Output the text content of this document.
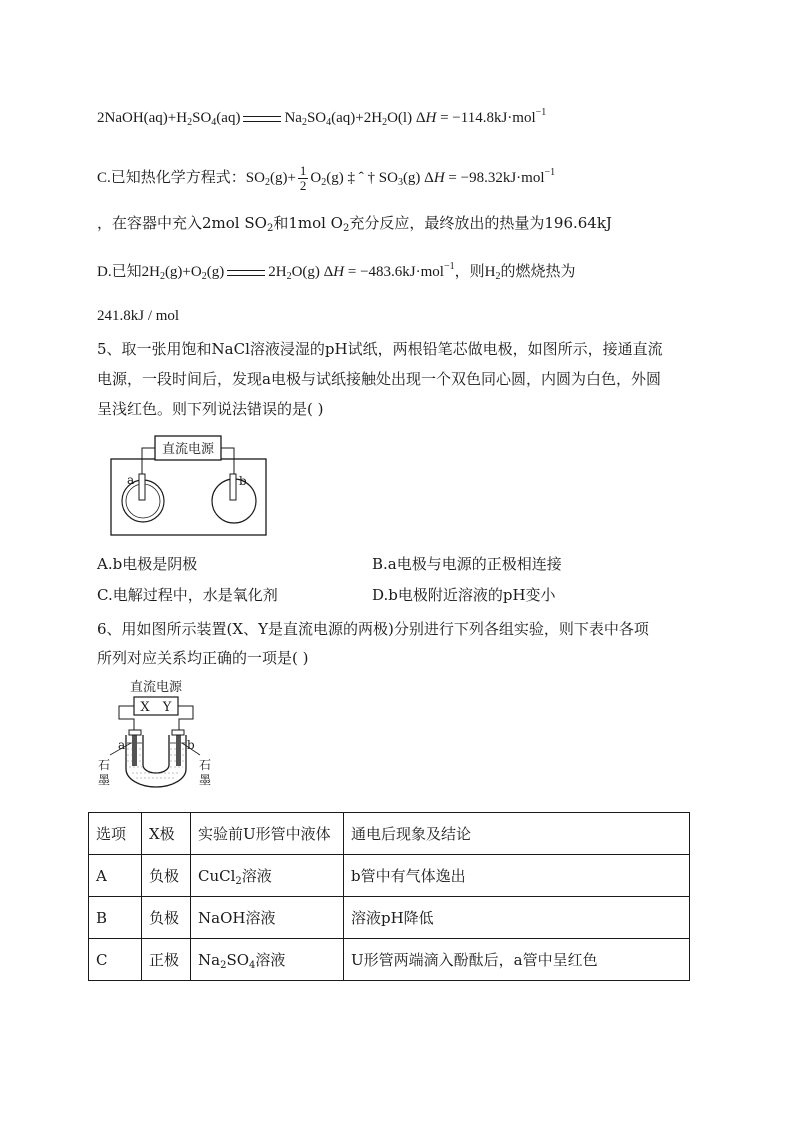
$2NaOH(aq)+H_2SO_4(aq)$	$Na_2SO_4(aq)+2H_2O(l) \Delta H = -114.8kJ\cdot mol^{-1}$
C.已知热化学方程式：$SO_2(g)+ \frac{1}{2} O_2(g)$ ‡ ˆ † $SO_3(g) \Delta H = -98.32kJ\cdot mol^{-1}$
，在容器中充入2mol $SO_2$和1mol $O_2$充分反应，最终放出的热量为196.64kJ
D.已知$2H_2(g)+O_2(g)$	$2H_2O(g) \Delta H = -483.6kJ\cdot mol^{-1}$，则$H_2$的燃烧热为
241.8kJ / mol
5、取一张用饱和NaCl溶液浸湿的pH试纸，两根铅笔芯做电极，如图所示，接通直流
电源，一段时间后，发现a电极与试纸接触处出现一个双色同心圆，内圆为白色，外圆
呈浅红色。则下列说法错误的是( )
直流电源
a	b
A.b电极是阴极	B.a电极与电源的正极相连接
C.电解过程中，水是氧化剂	D.b电极附近溶液的pH变小
6、用如图所示装置(X、Y是直流电源的两极)分别进行下列各组实验，则下表中各项
所列对应关系均正确的一项是( )
直流电源
X Y
a	b
石
墨
石
墨
选项	X极	实验前U形管中液体	通电后现象及结论
A	负极	CuCl$_2$溶液	b管中有气体逸出
B	负极	NaOH溶液	溶液pH降低
C	正极	$Na_2SO_4$溶液	U形管两端滴入酚酞后，a管中呈红色
